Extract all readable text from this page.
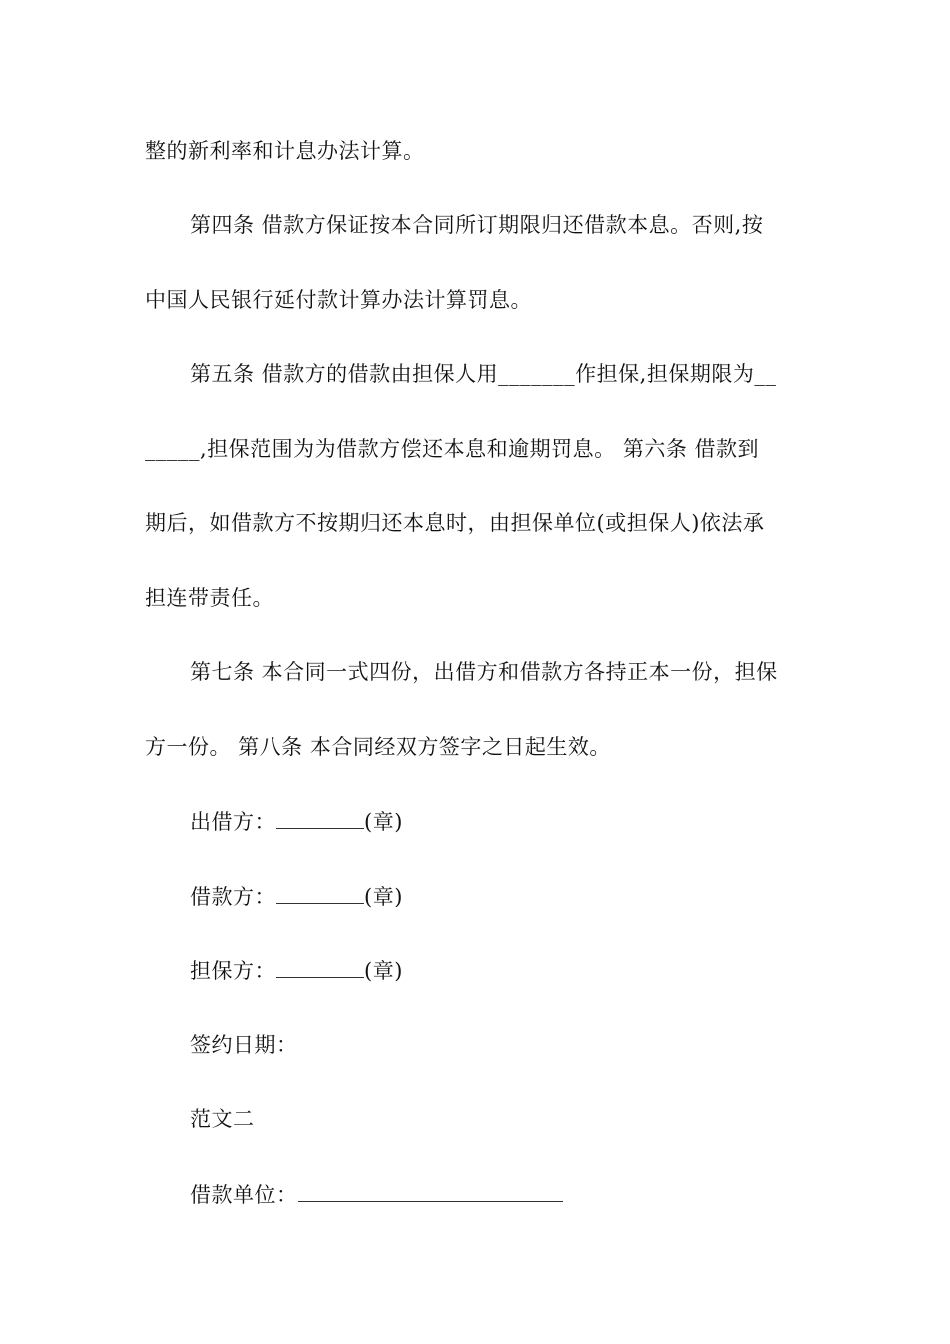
整的新利率和计息办法计算。
第四条 借款方保证按本合同所订期限归还借款本息。否则,按
中国人民银行延付款计算办法计算罚息。
第五条 借款方的借款由担保人用_______作担保,担保期限为__
_____,担保范围为为借款方偿还本息和逾期罚息。 第六条 借款到
期后，如借款方不按期归还本息时，由担保单位(或担保人)依法承
担连带责任。
第七条 本合同一式四份，出借方和借款方各持正本一份，担保
方一份。 第八条 本合同经双方签字之日起生效。
出借方：	(章)
借款方：	(章)
担保方：	(章)
签约日期：
范文二
借款单位：
